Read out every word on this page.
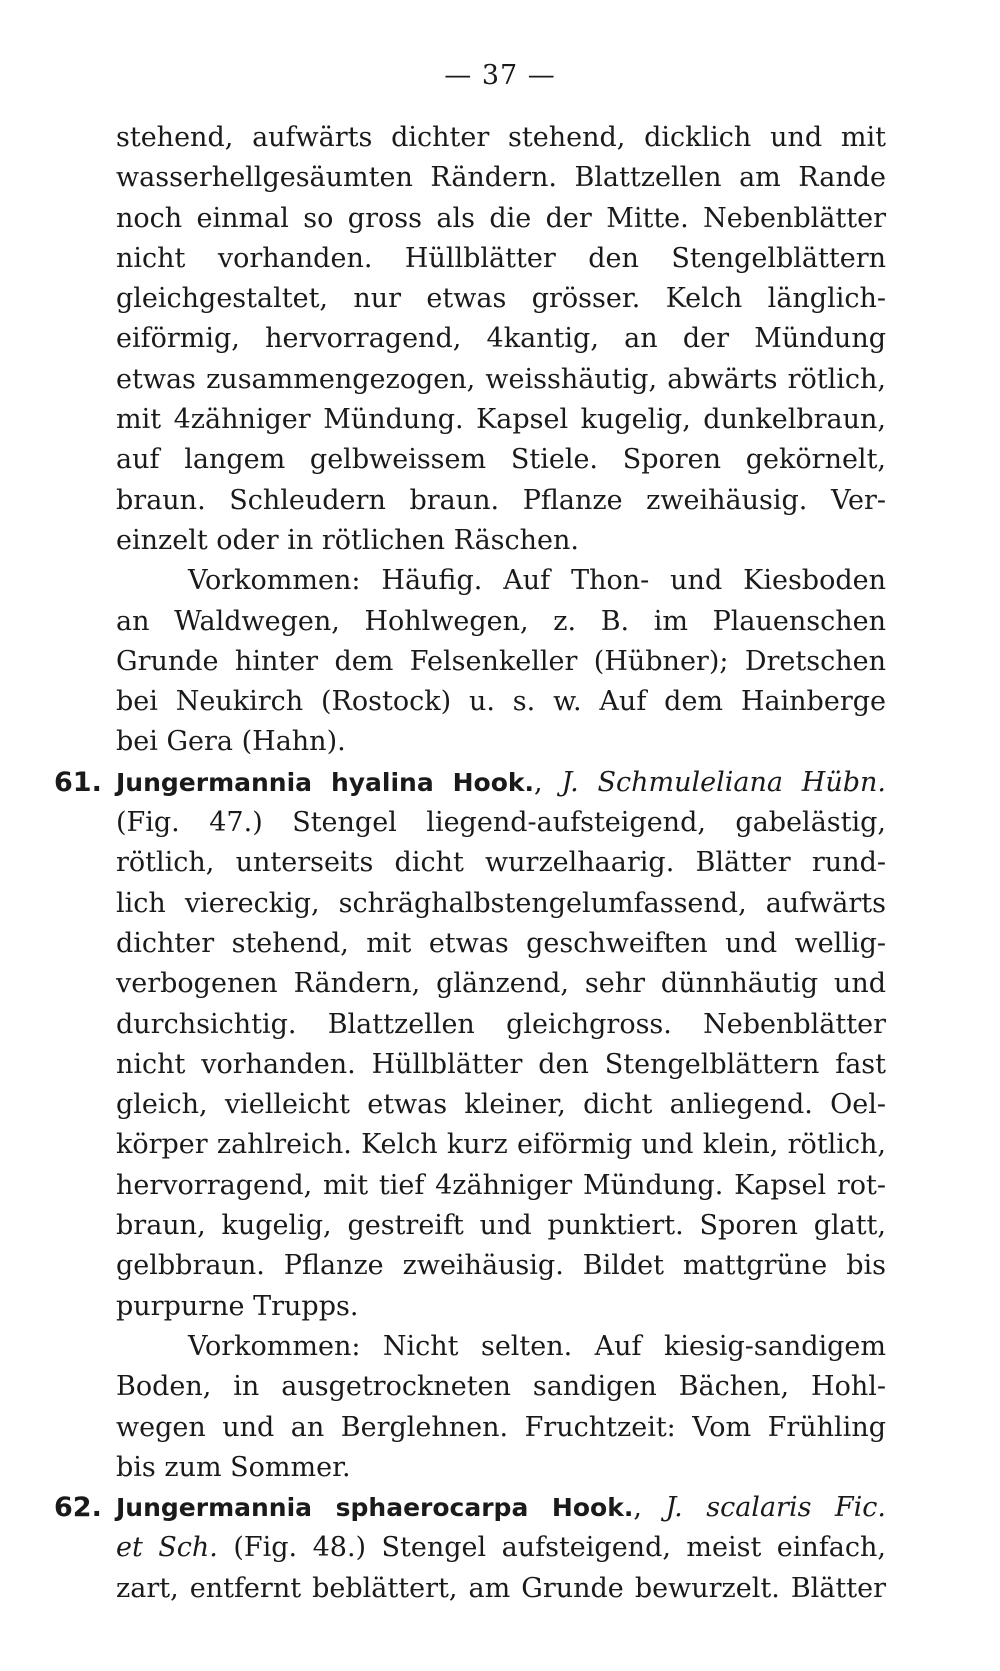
— 37 —
stehend, aufwärts dichter stehend, dicklich und mit
wasserhellgesäumten Rändern. Blattzellen am Rande
noch einmal so gross als die der Mitte. Nebenblätter
nicht vorhanden. Hüllblätter den Stengelblättern
gleichgestaltet, nur etwas grösser. Kelch länglich-
eiförmig, hervorragend, 4kantig, an der Mündung
etwas zusammengezogen, weisshäutig, abwärts rötlich,
mit 4zähniger Mündung. Kapsel kugelig, dunkelbraun,
auf langem gelbweissem Stiele. Sporen gekörnelt,
braun. Schleudern braun. Pflanze zweihäusig. Ver-
einzelt oder in rötlichen Räschen.
Vorkommen: Häufig. Auf Thon- und Kiesboden
an Waldwegen, Hohlwegen, z. B. im Plauenschen
Grunde hinter dem Felsenkeller (Hübner); Dretschen
bei Neukirch (Rostock) u. s. w. Auf dem Hainberge
bei Gera (Hahn).
61. Jungermannia hyalina Hook., J. Schmuleliana Hübn.
(Fig. 47.) Stengel liegend-aufsteigend, gabelästig,
rötlich, unterseits dicht wurzelhaarig. Blätter rund-
lich viereckig, schräghalbstengelumfassend, aufwärts
dichter stehend, mit etwas geschweiften und wellig-
verbogenen Rändern, glänzend, sehr dünnhäutig und
durchsichtig. Blattzellen gleichgross. Nebenblätter
nicht vorhanden. Hüllblätter den Stengelblättern fast
gleich, vielleicht etwas kleiner, dicht anliegend. Oel-
körper zahlreich. Kelch kurz eiförmig und klein, rötlich,
hervorragend, mit tief 4zähniger Mündung. Kapsel rot-
braun, kugelig, gestreift und punktiert. Sporen glatt,
gelbbraun. Pflanze zweihäusig. Bildet mattgrüne bis
purpurne Trupps.
Vorkommen: Nicht selten. Auf kiesig-sandigem
Boden, in ausgetrockneten sandigen Bächen, Hohl-
wegen und an Berglehnen. Fruchtzeit: Vom Frühling
bis zum Sommer.
62. Jungermannia sphaerocarpa Hook., J. scalaris Fic.
et Sch. (Fig. 48.) Stengel aufsteigend, meist einfach,
zart, entfernt beblättert, am Grunde bewurzelt. Blätter
